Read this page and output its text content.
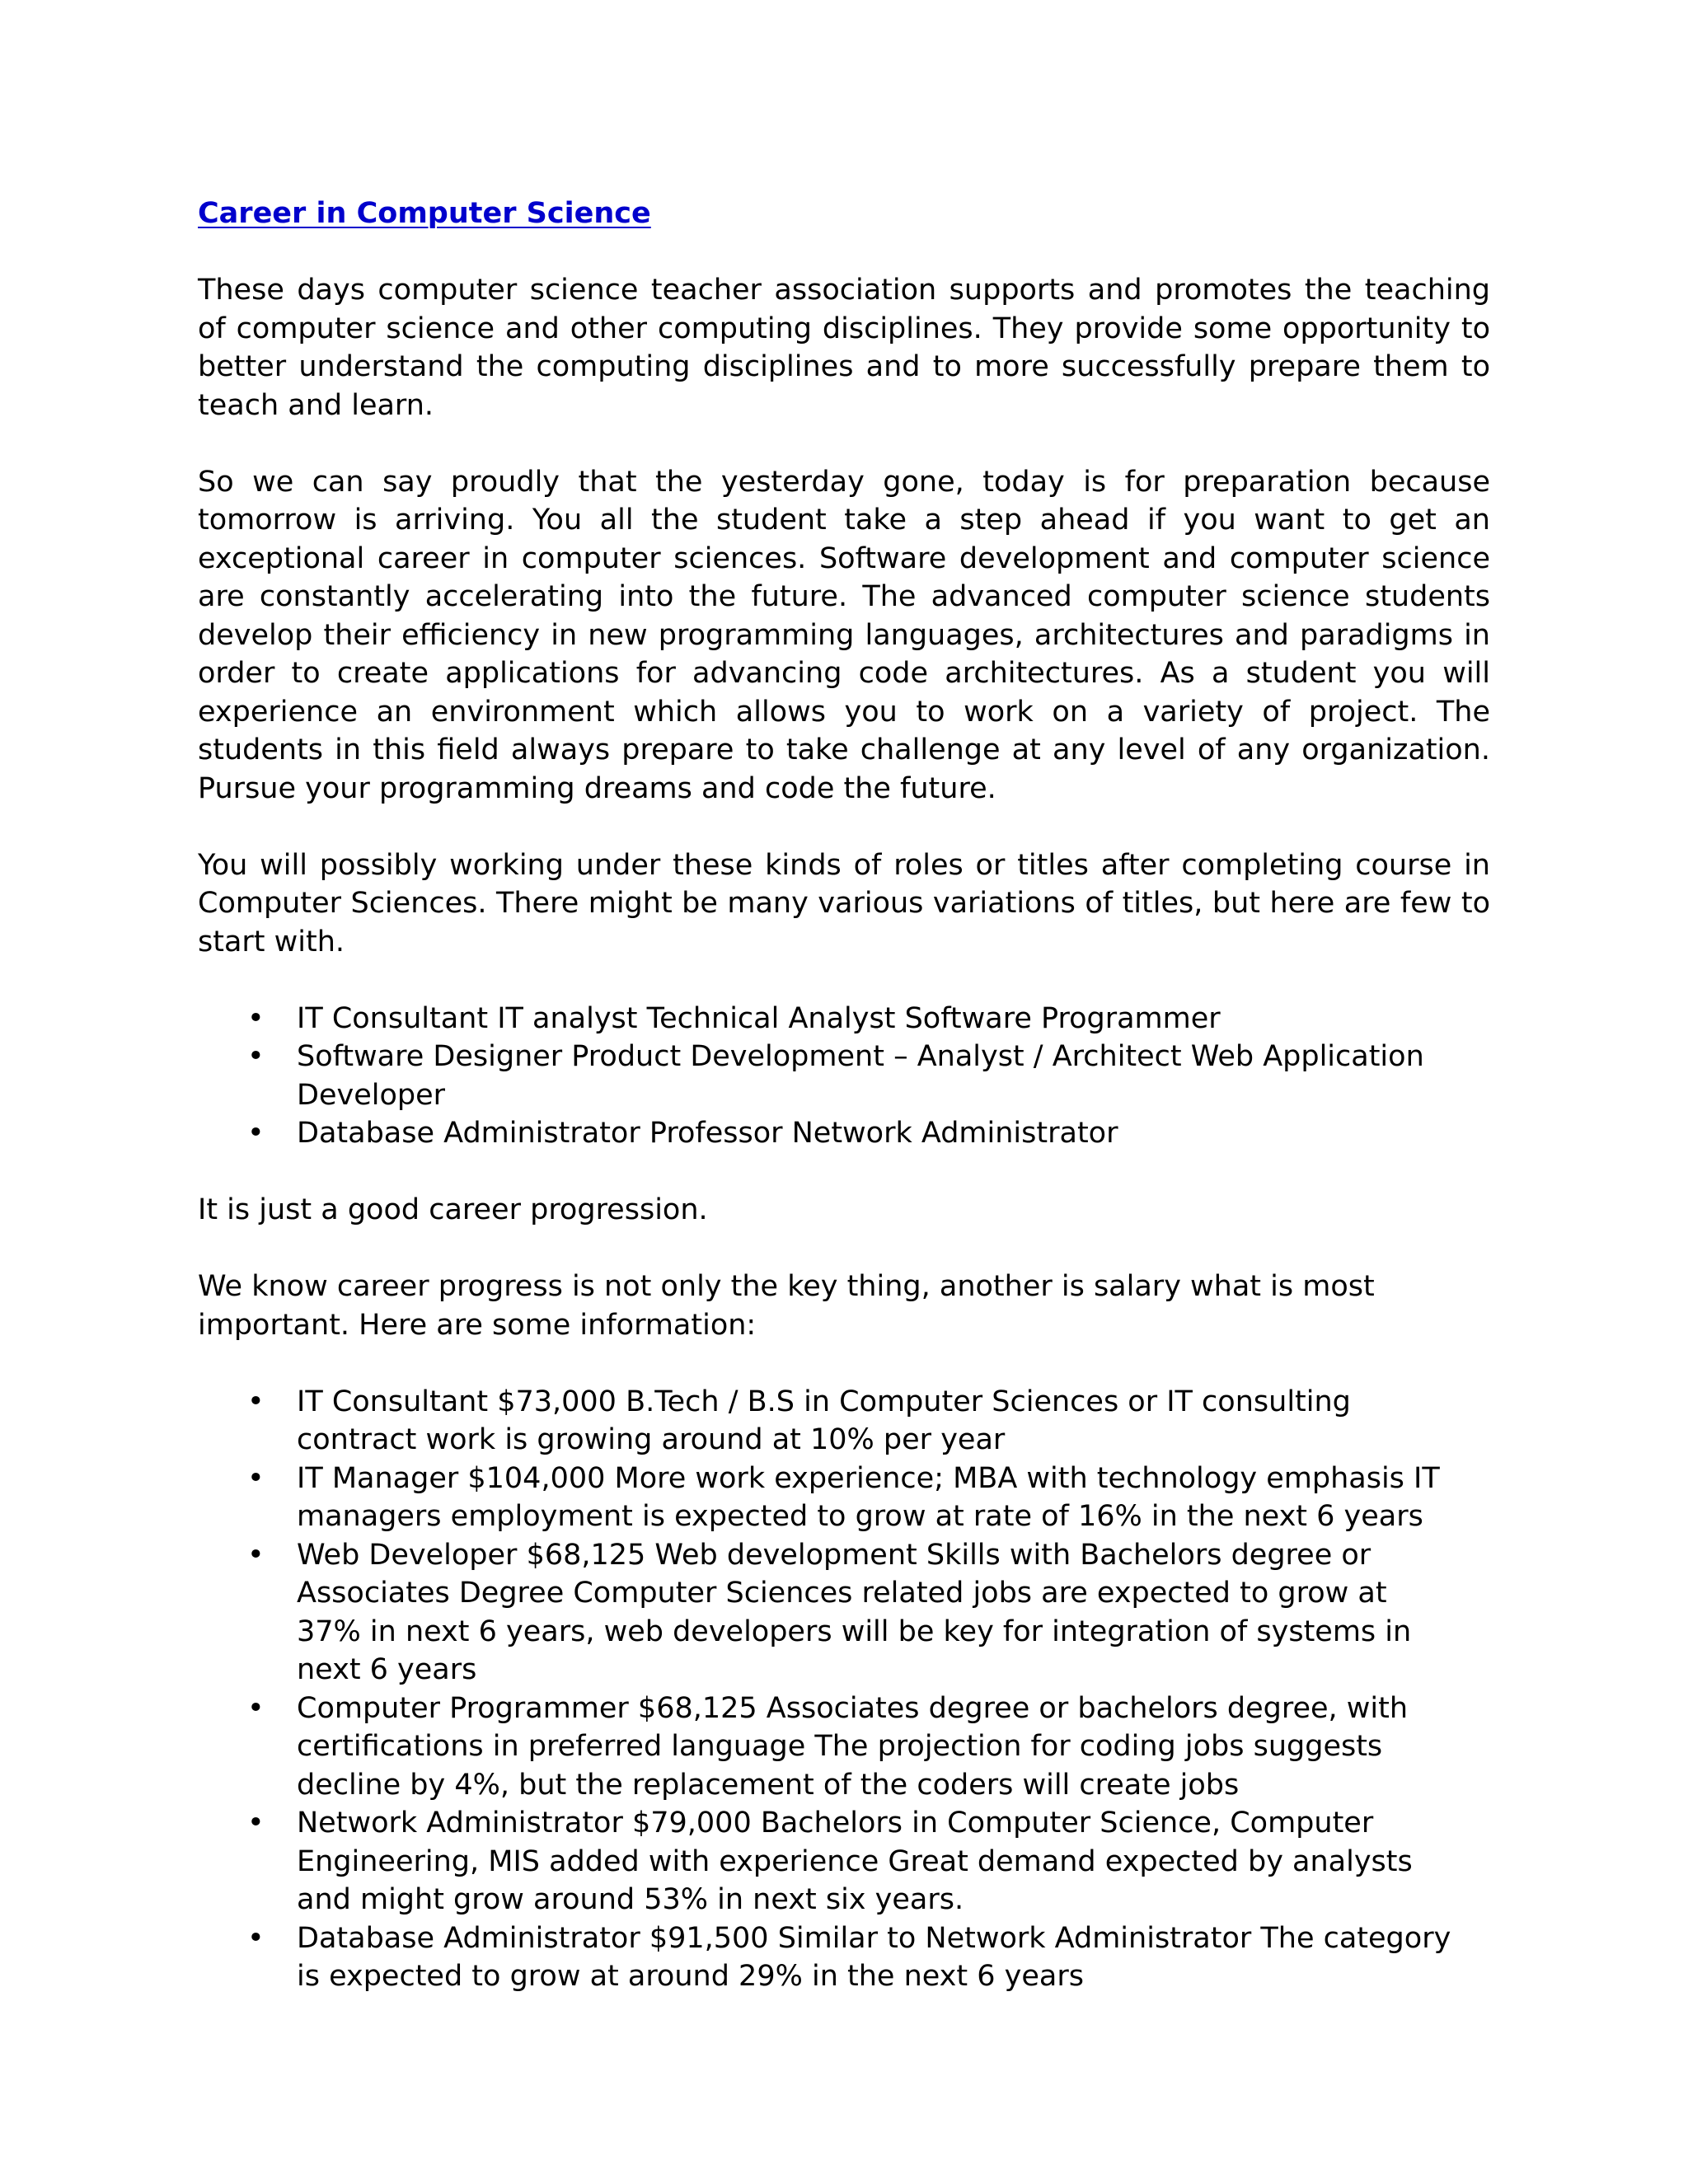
Career in Computer Science

These days computer science teacher association supports and promotes the teaching of computer science and other computing disciplines. They provide some opportunity to better understand the computing disciplines and to more successfully prepare them to teach and learn.

So we can say proudly that the yesterday gone, today is for preparation because tomorrow is arriving. You all the student take a step ahead if you want to get an exceptional career in computer sciences. Software development and computer science are constantly accelerating into the future. The advanced computer science students develop their efficiency in new programming languages, architectures and paradigms in order to create applications for advancing code architectures. As a student you will experience an environment which allows you to work on a variety of project. The students in this field always prepare to take challenge at any level of any organization. Pursue your programming dreams and code the future.

You will possibly working under these kinds of roles or titles after completing course in Computer Sciences. There might be many various variations of titles, but here are few to start with.

• IT Consultant IT analyst Technical Analyst Software Programmer
• Software Designer Product Development – Analyst / Architect Web Application Developer
• Database Administrator Professor Network Administrator

It is just a good career progression.

We know career progress is not only the key thing, another is salary what is most important. Here are some information:

• IT Consultant $73,000 B.Tech / B.S in Computer Sciences or IT consulting contract work is growing around at 10% per year
• IT Manager $104,000 More work experience; MBA with technology emphasis IT managers employment is expected to grow at rate of 16% in the next 6 years
• Web Developer $68,125 Web development Skills with Bachelors degree or Associates Degree Computer Sciences related jobs are expected to grow at 37% in next 6 years, web developers will be key for integration of systems in next 6 years
• Computer Programmer $68,125 Associates degree or bachelors degree, with certifications in preferred language The projection for coding jobs suggests decline by 4%, but the replacement of the coders will create jobs
• Network Administrator $79,000 Bachelors in Computer Science, Computer Engineering, MIS added with experience Great demand expected by analysts and might grow around 53% in next six years.
• Database Administrator $91,500 Similar to Network Administrator The category is expected to grow at around 29% in the next 6 years
